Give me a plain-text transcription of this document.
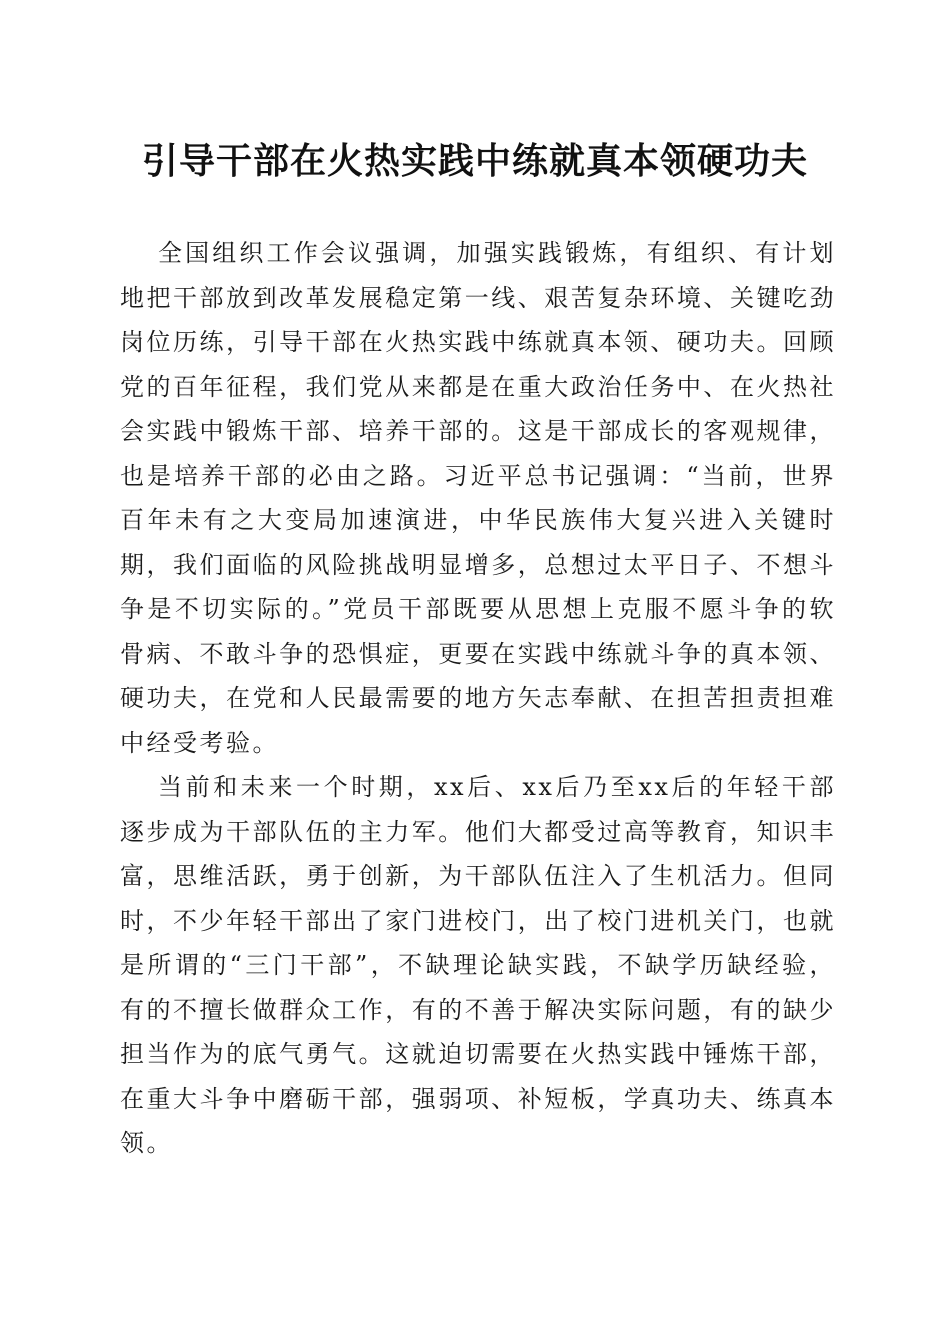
引导干部在火热实践中练就真本领硬功夫

全国组织工作会议强调，加强实践锻炼，有组织、有计划地把干部放到改革发展稳定第一线、艰苦复杂环境、关键吃劲岗位历练，引导干部在火热实践中练就真本领、硬功夫。回顾党的百年征程，我们党从来都是在重大政治任务中、在火热社会实践中锻炼干部、培养干部的。这是干部成长的客观规律，也是培养干部的必由之路。习近平总书记强调：“当前，世界百年未有之大变局加速演进，中华民族伟大复兴进入关键时期，我们面临的风险挑战明显增多，总想过太平日子、不想斗争是不切实际的。”党员干部既要从思想上克服不愿斗争的软骨病、不敢斗争的恐惧症，更要在实践中练就斗争的真本领、硬功夫，在党和人民最需要的地方矢志奉献、在担苦担责担难中经受考验。

当前和未来一个时期，xx后、xx后乃至xx后的年轻干部逐步成为干部队伍的主力军。他们大都受过高等教育，知识丰富，思维活跃，勇于创新，为干部队伍注入了生机活力。但同时，不少年轻干部出了家门进校门，出了校门进机关门，也就是所谓的“三门干部”，不缺理论缺实践，不缺学历缺经验，有的不擅长做群众工作，有的不善于解决实际问题，有的缺少担当作为的底气勇气。这就迫切需要在火热实践中锤炼干部，在重大斗争中磨砺干部，强弱项、补短板，学真功夫、练真本领。
